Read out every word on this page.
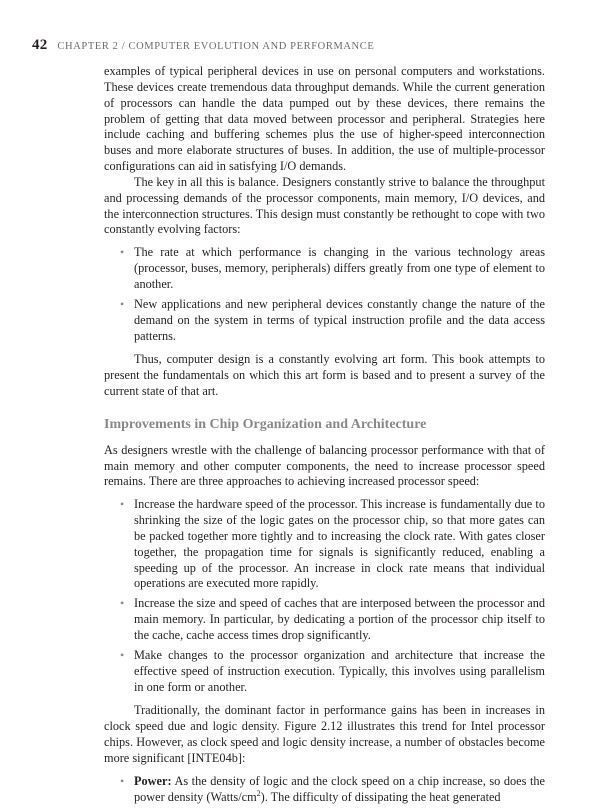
42 CHAPTER 2 / COMPUTER EVOLUTION AND PERFORMANCE

examples of typical peripheral devices in use on personal computers and workstations. These devices create tremendous data throughput demands. While the current generation of processors can handle the data pumped out by these devices, there remains the problem of getting that data moved between processor and peripheral. Strategies here include caching and buffering schemes plus the use of higher-speed interconnection buses and more elaborate structures of buses. In addition, the use of multiple-processor configurations can aid in satisfying I/O demands.

The key in all this is balance. Designers constantly strive to balance the throughput and processing demands of the processor components, main memory, I/O devices, and the interconnection structures. This design must constantly be rethought to cope with two constantly evolving factors:

• The rate at which performance is changing in the various technology areas (processor, buses, memory, peripherals) differs greatly from one type of element to another.
• New applications and new peripheral devices constantly change the nature of the demand on the system in terms of typical instruction profile and the data access patterns.

Thus, computer design is a constantly evolving art form. This book attempts to present the fundamentals on which this art form is based and to present a survey of the current state of that art.

Improvements in Chip Organization and Architecture

As designers wrestle with the challenge of balancing processor performance with that of main memory and other computer components, the need to increase processor speed remains. There are three approaches to achieving increased processor speed:

• Increase the hardware speed of the processor. This increase is fundamentally due to shrinking the size of the logic gates on the processor chip, so that more gates can be packed together more tightly and to increasing the clock rate. With gates closer together, the propagation time for signals is significantly reduced, enabling a speeding up of the processor. An increase in clock rate means that individual operations are executed more rapidly.
• Increase the size and speed of caches that are interposed between the processor and main memory. In particular, by dedicating a portion of the processor chip itself to the cache, cache access times drop significantly.
• Make changes to the processor organization and architecture that increase the effective speed of instruction execution. Typically, this involves using parallelism in one form or another.

Traditionally, the dominant factor in performance gains has been in increases in clock speed due and logic density. Figure 2.12 illustrates this trend for Intel processor chips. However, as clock speed and logic density increase, a number of obstacles become more significant [INTE04b]:

• Power: As the density of logic and the clock speed on a chip increase, so does the power density $(Watts/cm^2)$. The difficulty of dissipating the heat generated
